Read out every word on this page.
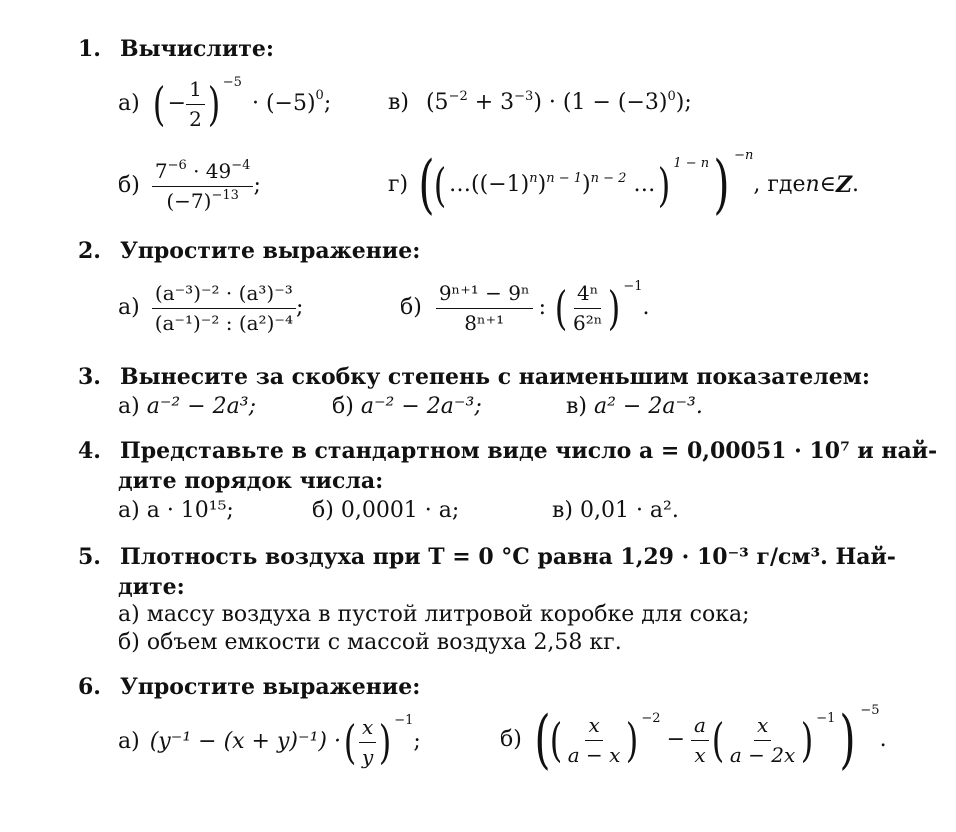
1. Вычислите:
а) ( − $\frac{1}{2}$ ) −5
· $(-5)^0$ ;	в) $(5^{-2} + 3^{-3}) \cdot (1 - (-3)^0)$;
$б) \frac{7^{-6} \cdot 49^{-4}}{(-7)^{-13}}$ ;	г) ( ( $\dots((-1)^n)^{n - 1})^{n - 2}$ … ) 1 − n ) −n
, где n ∈ Z .
2. Упростите выражение:
$а) \frac{\text{(a⁻³)⁻² · (a³)⁻³}}{\text{(a⁻¹)⁻² : (a²)⁻⁴}}$ ;	$б) \frac{\text{9ⁿ⁺¹ − 9ⁿ}}{\text{8ⁿ⁺¹}}$ : ( $\frac{\text{4ⁿ}}{\text{6²ⁿ}}$ ) −1
.
3. Вынесите за скобку степень с наименьшим показателем:
а) a⁻² − 2a³;	б) a⁻² − 2a⁻³;	в) a² − 2a⁻³.
4. Представьте в стандартном виде число a = 0,00051 · 10⁷ и най-
дите порядок числа:
а) a · 10¹⁵;	б) 0,0001 · a;	в) 0,01 · a².
5. Плотность воздуха при T = 0 °C равна 1,29 · 10⁻³ г/см³. Най-
дите:
а) массу воздуха в пустой литровой коробке для сока;
б) объем емкости с массой воздуха 2,58 кг.
6. Упростите выражение:
а) (y⁻¹ − (x + y)⁻¹) · ( $\frac{x}{y}$ ) −1
;	б) ( ( $\frac{x}{a - x}$ ) −2
− $\frac{a}{x}$ ( $\frac{x}{a - 2x}$ ) −1 ) −5
.
